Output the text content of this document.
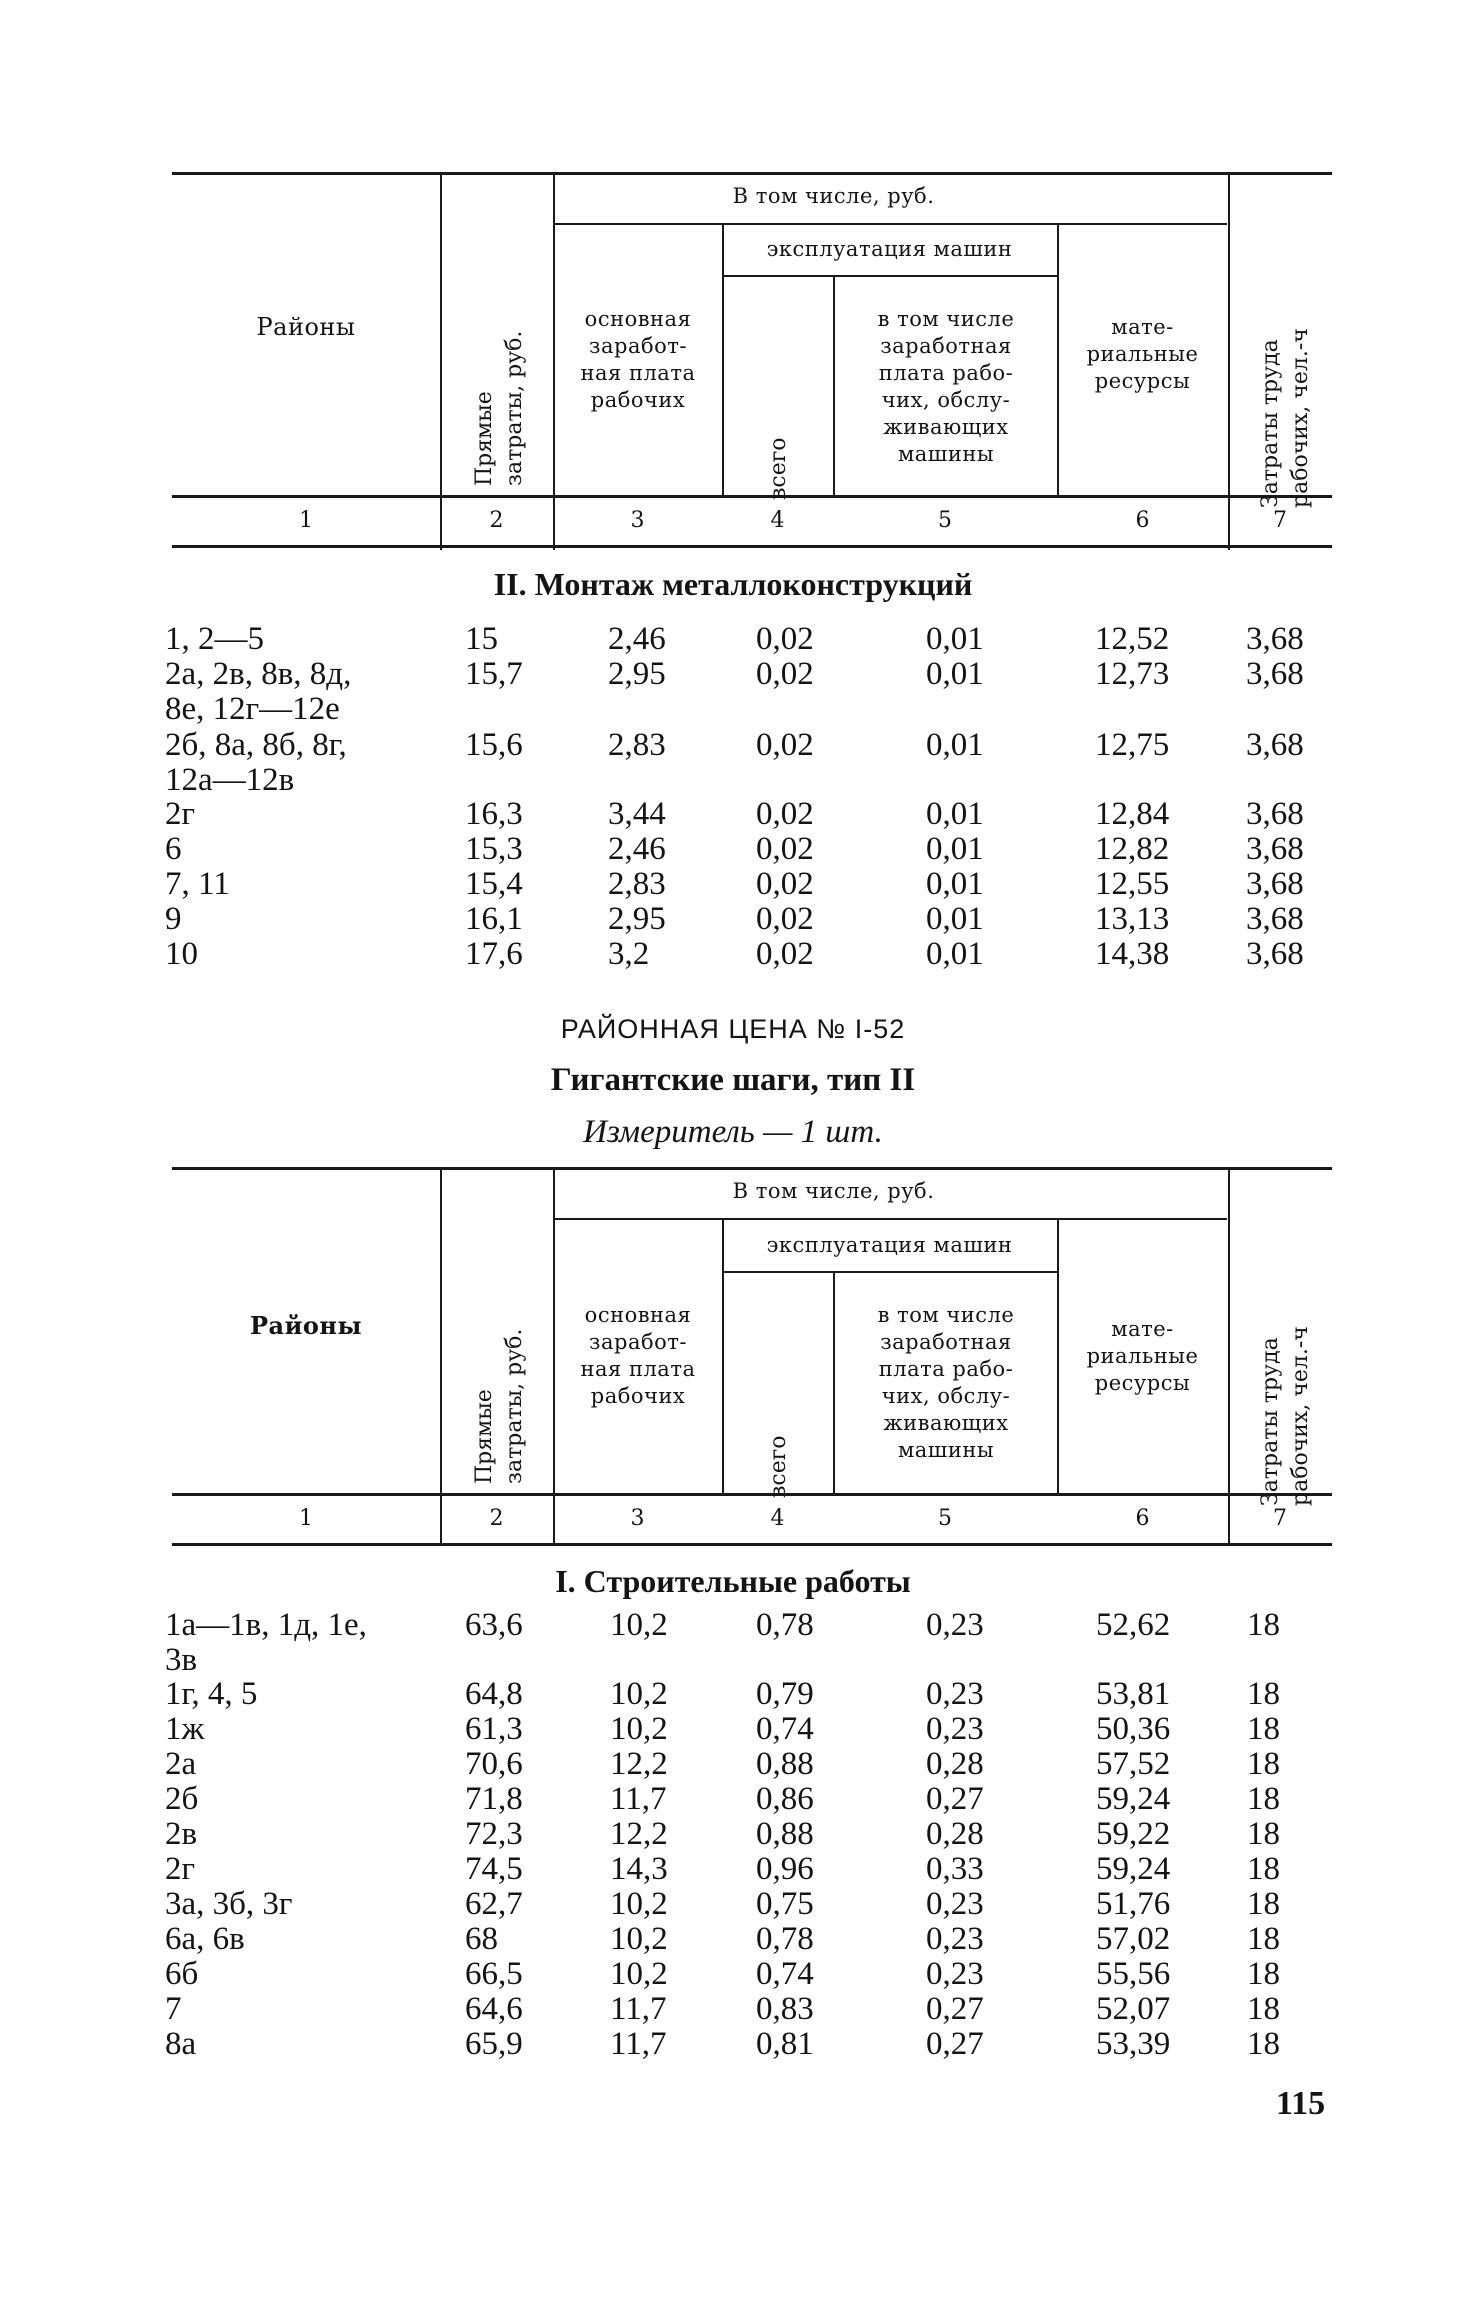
В том числе, руб.
эксплуатация машин
Районы
Прямые
затраты, руб.
основная
заработ-
ная плата
рабочих
всего
в том числе
заработная
плата рабо-
чих, обслу-
живающих
машины
мате-
риальные
ресурсы
Затраты труда
рабочих, чел.-ч
1	2	3	4	5	6	7
II. Монтаж металлоконструкций
1, 2—5	15	2,46	0,02	0,01	12,52 3,68
2а, 2в, 8в, 8д,
8е, 12г—12е
15,7	2,95	0,02	0,01	12,73 3,68
2б, 8а, 8б, 8г,
12а—12в
15,6	2,83	0,02	0,01	12,75 3,68
2г	16,3	3,44	0,02	0,01	12,84 3,68
6	15,3	2,46	0,02	0,01	12,82 3,68
7, 11	15,4	2,83	0,02	0,01	12,55 3,68
9	16,1	2,95	0,02	0,01	13,13 3,68
10	17,6	3,2	0,02	0,01	14,38 3,68
РАЙОННАЯ ЦЕНА № I-52
Гигантские шаги, тип II
Измеритель — 1 шт.
В том числе, руб.
эксплуатация машин
Районы
Прямые
затраты, руб.
основная
заработ-
ная плата
рабочих
всего
в том числе
заработная
плата рабо-
чих, обслу-
живающих
машины
мате-
риальные
ресурсы
Затраты труда
рабочих, чел.-ч
1	2	3	4	5	6	7
I. Строительные работы
1а—1в, 1д, 1е,
3в
63,6	10,2	0,78	0,23	52,62 18
1г, 4, 5	64,8	10,2	0,79	0,23	53,81 18
1ж	61,3	10,2	0,74	0,23	50,36 18
2а	70,6	12,2	0,88	0,28	57,52 18
2б	71,8	11,7	0,86	0,27	59,24 18
2в	72,3	12,2	0,88	0,28	59,22 18
2г	74,5	14,3	0,96	0,33	59,24 18
3а, 3б, 3г	62,7	10,2	0,75	0,23	51,76 18
6а, 6в	68	10,2	0,78	0,23	57,02 18
6б	66,5	10,2	0,74	0,23	55,56 18
7	64,6	11,7	0,83	0,27	52,07 18
8а	65,9	11,7	0,81	0,27	53,39 18
115
